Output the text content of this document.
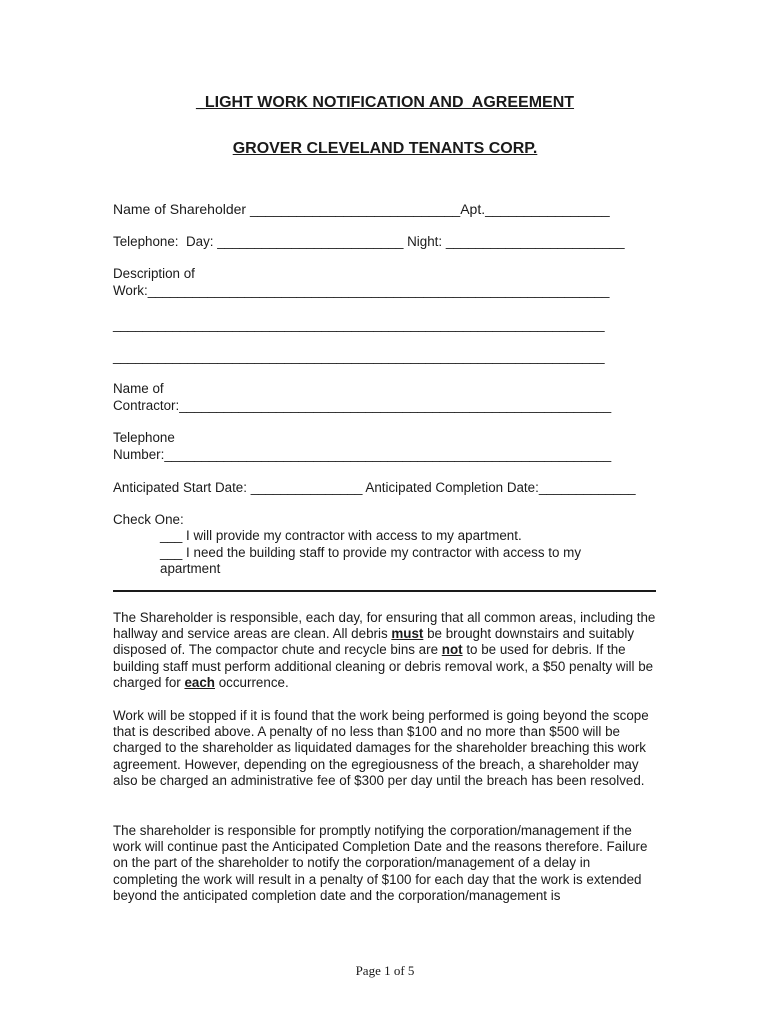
_LIGHT WORK NOTIFICATION AND  AGREEMENT
GROVER CLEVELAND TENANTS CORP.
Name of Shareholder ___________________________Apt.________________
Telephone:  Day: _________________________ Night: ________________________
Description of
Work:______________________________________________________________
__________________________________________________________________
__________________________________________________________________
Name of
Contractor:__________________________________________________________
Telephone
Number:____________________________________________________________
Anticipated Start Date: _______________ Anticipated Completion Date:_____________
Check One:
___ I will provide my contractor with access to my apartment.
___ I need the building staff to provide my contractor with access to my
apartment

The Shareholder is responsible, each day, for ensuring that all common areas, including the hallway and service areas are clean. All debris must be brought downstairs and suitably disposed of. The compactor chute and recycle bins are not to be used for debris. If the building staff must perform additional cleaning or debris removal work, a $50 penalty will be charged for each occurrence.

Work will be stopped if it is found that the work being performed is going beyond the scope that is described above. A penalty of no less than $100 and no more than $500 will be charged to the shareholder as liquidated damages for the shareholder breaching this work agreement. However, depending on the egregiousness of the breach, a shareholder may also be charged an administrative fee of $300 per day until the breach has been resolved.

The shareholder is responsible for promptly notifying the corporation/management if the work will continue past the Anticipated Completion Date and the reasons therefore. Failure on the part of the shareholder to notify the corporation/management of a delay in completing the work will result in a penalty of $100 for each day that the work is extended beyond the anticipated completion date and the corporation/management is

Page 1 of 5
